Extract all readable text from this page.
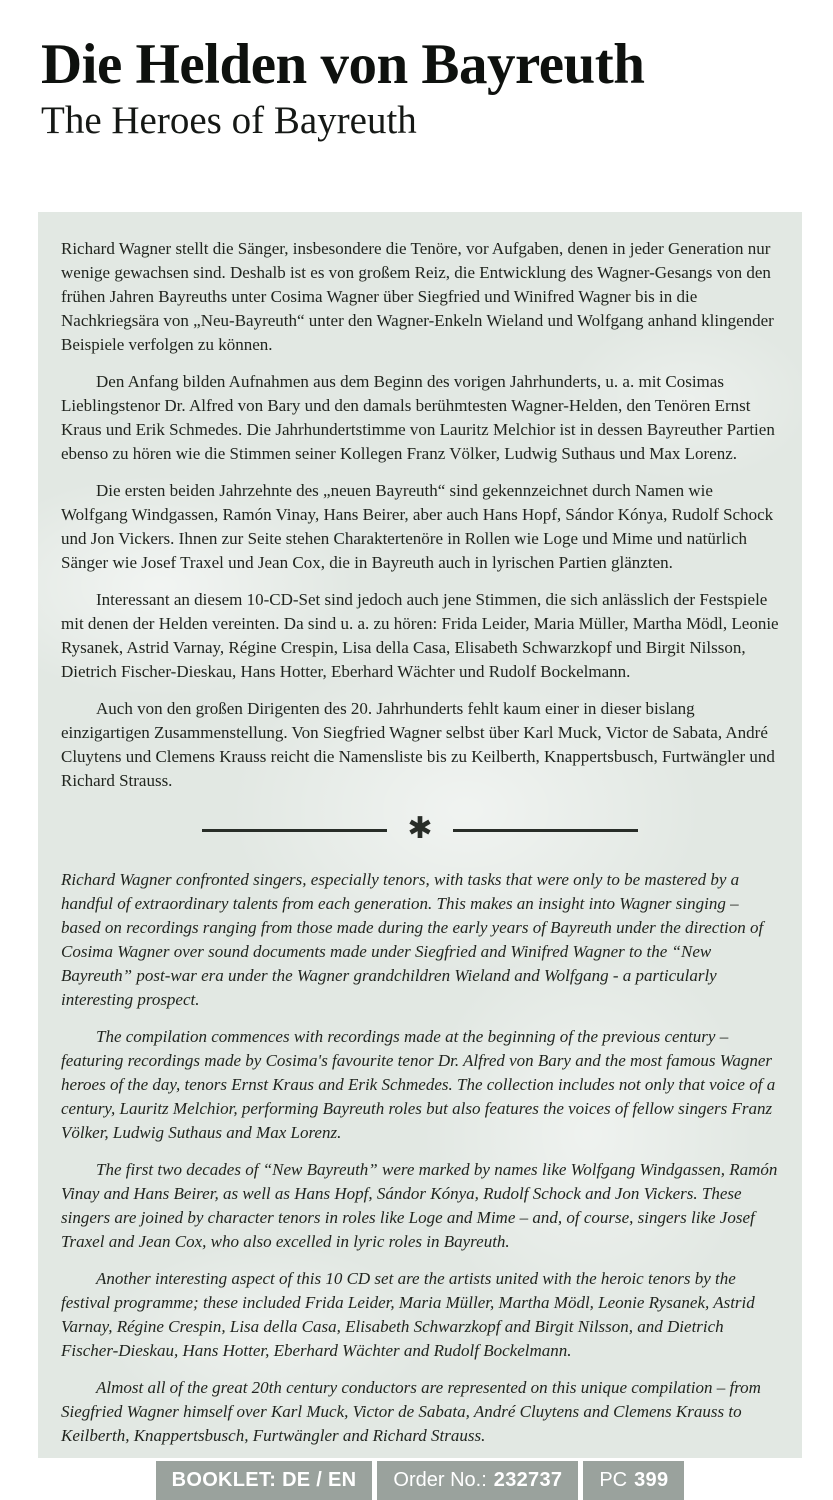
Die Helden von Bayreuth
The Heroes of Bayreuth

Richard Wagner stellt die Sänger, insbesondere die Tenöre, vor Aufgaben, denen in jeder Generation nur wenige gewachsen sind. Deshalb ist es von großem Reiz, die Entwicklung des Wagner-Gesangs von den frühen Jahren Bayreuths unter Cosima Wagner über Siegfried und Winifred Wagner bis in die Nachkriegsära von „Neu-Bayreuth“ unter den Wagner-Enkeln Wieland und Wolfgang anhand klingender Beispiele verfolgen zu können.

Den Anfang bilden Aufnahmen aus dem Beginn des vorigen Jahrhunderts, u. a. mit Cosimas Lieblingstenor Dr. Alfred von Bary und den damals berühmtesten Wagner-Helden, den Tenören Ernst Kraus und Erik Schmedes. Die Jahrhundertstimme von Lauritz Melchior ist in dessen Bayreuther Partien ebenso zu hören wie die Stimmen seiner Kollegen Franz Völker, Ludwig Suthaus und Max Lorenz.

Die ersten beiden Jahrzehnte des „neuen Bayreuth“ sind gekennzeichnet durch Namen wie Wolfgang Windgassen, Ramón Vinay, Hans Beirer, aber auch Hans Hopf, Sándor Kónya, Rudolf Schock und Jon Vickers. Ihnen zur Seite stehen Charaktertenöre in Rollen wie Loge und Mime und natürlich Sänger wie Josef Traxel und Jean Cox, die in Bayreuth auch in lyrischen Partien glänzten.

Interessant an diesem 10-CD-Set sind jedoch auch jene Stimmen, die sich anlässlich der Festspiele mit denen der Helden vereinten. Da sind u. a. zu hören: Frida Leider, Maria Müller, Martha Mödl, Leonie Rysanek, Astrid Varnay, Régine Crespin, Lisa della Casa, Elisabeth Schwarzkopf und Birgit Nilsson, Dietrich Fischer-Dieskau, Hans Hotter, Eberhard Wächter und Rudolf Bockelmann.

Auch von den großen Dirigenten des 20. Jahrhunderts fehlt kaum einer in dieser bislang einzigartigen Zusammenstellung. Von Siegfried Wagner selbst über Karl Muck, Victor de Sabata, André Cluytens und Clemens Krauss reicht die Namensliste bis zu Keilberth, Knappertsbusch, Furtwängler und Richard Strauss.

✱

Richard Wagner confronted singers, especially tenors, with tasks that were only to be mastered by a handful of extraordinary talents from each generation. This makes an insight into Wagner singing – based on recordings ranging from those made during the early years of Bayreuth under the direction of Cosima Wagner over sound documents made under Siegfried and Winifred Wagner to the “New Bayreuth” post-war era under the Wagner grandchildren Wieland and Wolfgang - a particularly interesting prospect.

The compilation commences with recordings made at the beginning of the previous century – featuring recordings made by Cosima's favourite tenor Dr. Alfred von Bary and the most famous Wagner heroes of the day, tenors Ernst Kraus and Erik Schmedes. The collection includes not only that voice of a century, Lauritz Melchior, performing Bayreuth roles but also features the voices of fellow singers Franz Völker, Ludwig Suthaus and Max Lorenz.

The first two decades of “New Bayreuth” were marked by names like Wolfgang Windgassen, Ramón Vinay and Hans Beirer, as well as Hans Hopf, Sándor Kónya, Rudolf Schock and Jon Vickers. These singers are joined by character tenors in roles like Loge and Mime – and, of course, singers like Josef Traxel and Jean Cox, who also excelled in lyric roles in Bayreuth.

Another interesting aspect of this 10 CD set are the artists united with the heroic tenors by the festival programme; these included Frida Leider, Maria Müller, Martha Mödl, Leonie Rysanek, Astrid Varnay, Régine Crespin, Lisa della Casa, Elisabeth Schwarzkopf and Birgit Nilsson, and Dietrich Fischer-Dieskau, Hans Hotter, Eberhard Wächter and Rudolf Bockelmann.

Almost all of the great 20th century conductors are represented on this unique compilation – from Siegfried Wagner himself over Karl Muck, Victor de Sabata, André Cluytens and Clemens Krauss to Keilberth, Knappertsbusch, Furtwängler and Richard Strauss.

BOOKLET: DE / EN Order No.: 232737 PC 399
